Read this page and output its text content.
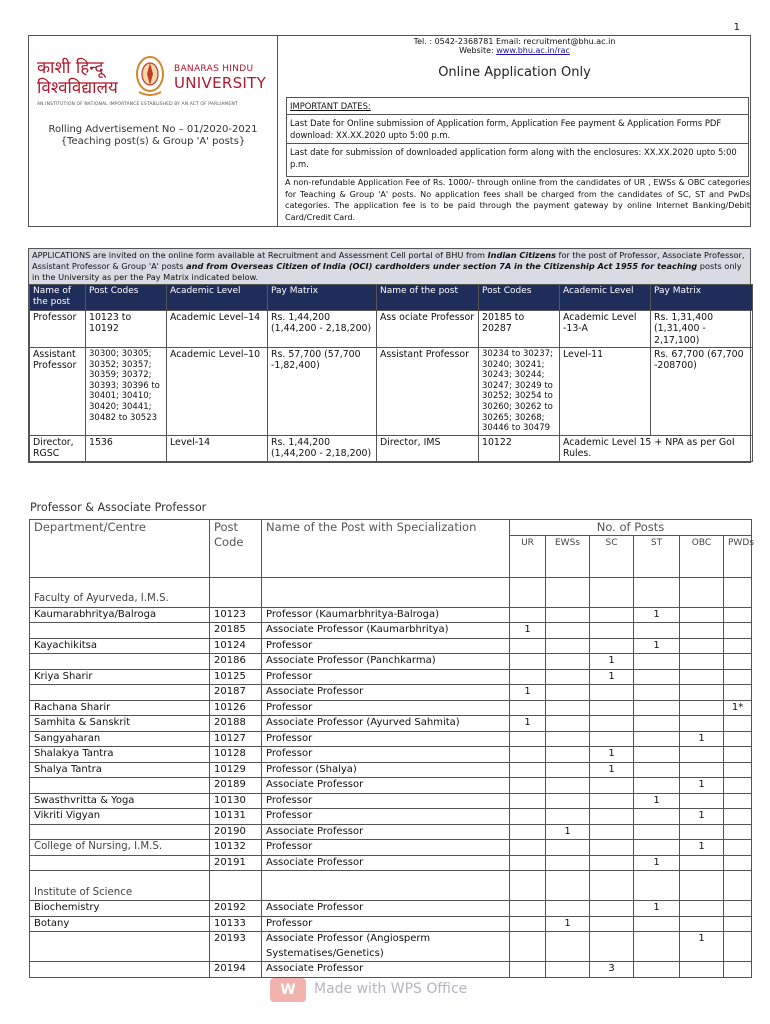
1
काशी हिन्दू
विश्वविद्यालय
BANARAS HINDU
UNIVERSITY
AN INSTITUTION OF NATIONAL IMPORTANCE ESTABLISHED BY AN ACT OF PARLIAMENT
Rolling Advertisement No – 01/2020-2021
{Teaching post(s) & Group 'A' posts}
Tel. : 0542-2368781 Email: recruitment@bhu.ac.in
Website: www.bhu.ac.in/rac
Online Application Only
IMPORTANT DATES:
Last Date for Online submission of Application form, Application Fee payment & Application Forms PDF download: XX.XX.2020 upto 5:00 p.m.
Last date for submission of downloaded application form along with the enclosures: XX.XX.2020 upto 5:00 p.m.
A non-refundable Application Fee of Rs. 1000/- through online from the candidates of UR , EWSs & OBC categories for Teaching & Group 'A' posts. No application fees shall be charged from the candidates of SC, ST and PwDs categories. The application fee is to be paid through the payment gateway by online Internet Banking/Debit Card/Credit Card.
APPLICATIONS are invited on the online form available at Recruitment and Assessment Cell portal of BHU from Indian Citizens for the post of Professor, Associate Professor, Assistant Professor & Group 'A' posts and from Overseas Citizen of India (OCI) cardholders under section 7A in the Citizenship Act 1955 for teaching posts only in the University as per the Pay Matrix indicated below.
Name of the post	Post Codes	Academic Level	Pay Matrix	Name of the post	Post Codes	Academic Level	Pay Matrix
Professor	10123 to 10192	Academic Level–14	Rs. 1,44,200 (1,44,200 - 2,18,200)	Ass ociate Professor	20185 to 20287	Academic Level -13-A	Rs. 1,31,400 (1,31,400 - 2,17,100)
Assistant Professor	30300; 30305; 30352; 30357; 30359; 30372; 30393; 30396 to 30401; 30410; 30420; 30441; 30482 to 30523	Academic Level–10	Rs. 57,700 (57,700 -1,82,400)	Assistant Professor	30234 to 30237; 30240; 30241; 30243; 30244; 30247; 30249 to 30252; 30254 to 30260; 30262 to 30265; 30268; 30446 to 30479	Level-11	Rs. 67,700 (67,700 -208700)
Director, RGSC	1536	Level-14	Rs. 1,44,200 (1,44,200 - 2,18,200)	Director, IMS	10122	Academic Level 15 + NPA as per GoI Rules.	
Professor & Associate Professor
Department/Centre	Post Code	Name of the Post with Specialization	No. of Posts					
			UR	EWSs	SC	ST	OBC	PWDs
Faculty of Ayurveda, I.M.S.								
Kaumarabhritya/Balroga	10123	Professor (Kaumarbhritya-Balroga)				1		
	20185	Associate Professor (Kaumarbhritya)	1					
Kayachikitsa	10124	Professor				1		
	20186	Associate Professor (Panchkarma)			1			
Kriya Sharir	10125	Professor			1			
	20187	Associate Professor	1					
Rachana Sharir	10126	Professor						1*
Samhita & Sanskrit	20188	Associate Professor (Ayurved Sahmita)	1					
Sangyaharan	10127	Professor					1	
Shalakya Tantra	10128	Professor			1			
Shalya Tantra	10129	Professor (Shalya)			1			
	20189	Associate Professor					1	
Swasthvritta & Yoga	10130	Professor				1		
Vikriti Vigyan	10131	Professor					1	
	20190	Associate Professor		1				
College of Nursing, I.M.S.	10132	Professor					1	
	20191	Associate Professor				1		
Institute of Science								
Biochemistry	20192	Associate Professor				1		
Botany	10133	Professor		1				
	20193	Associate Professor (Angiosperm Systematises/Genetics)					1	
	20194	Associate Professor			3			
W	Made with WPS Office
